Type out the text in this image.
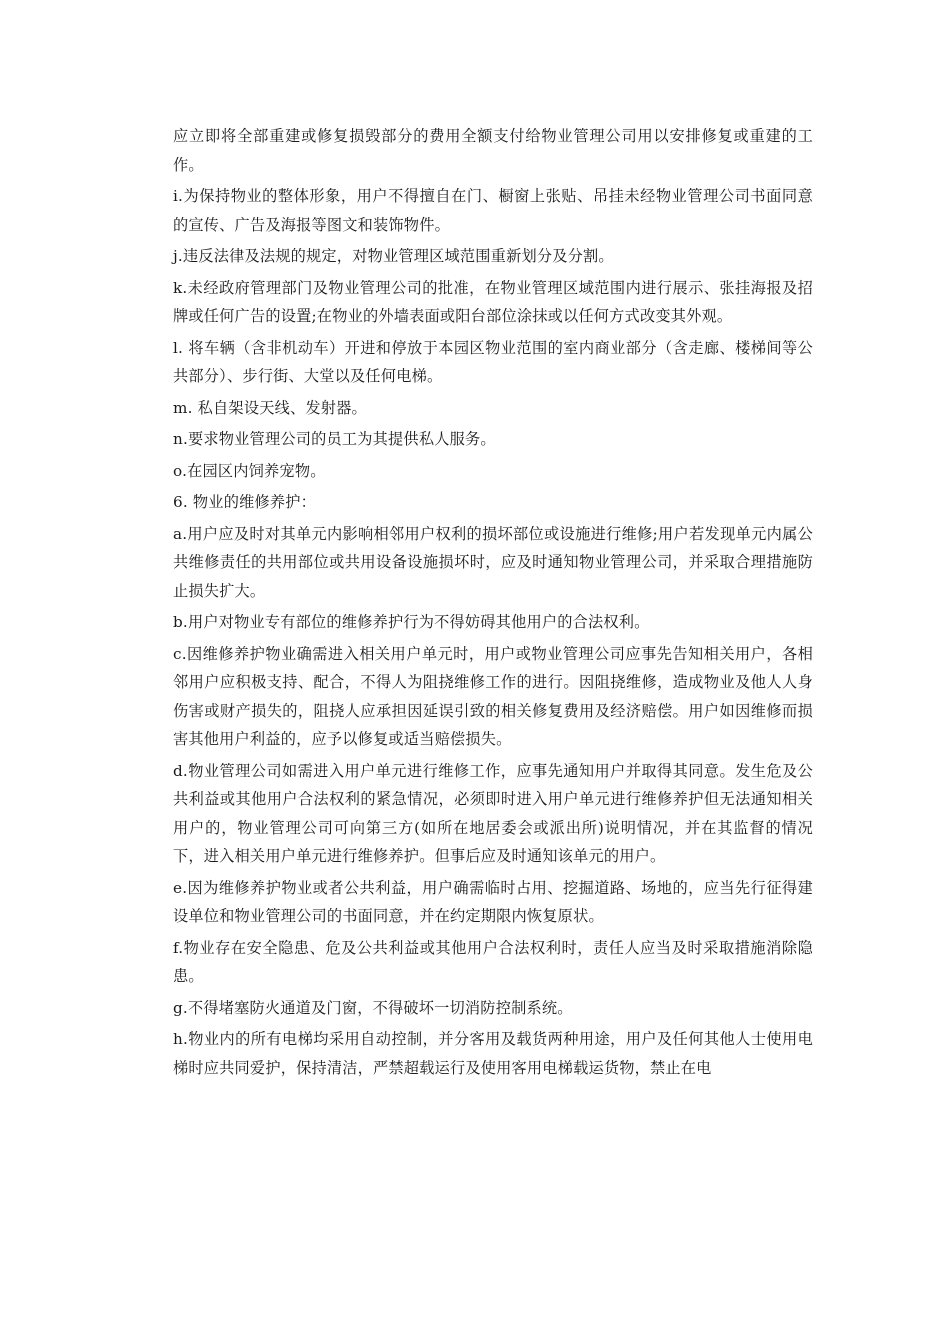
应立即将全部重建或修复损毁部分的费用全额支付给物业管理公司用以安排修复或重建的工作。

i.为保持物业的整体形象，用户不得擅自在门、橱窗上张贴、吊挂未经物业管理公司书面同意的宣传、广告及海报等图文和装饰物件。

j.违反法律及法规的规定，对物业管理区域范围重新划分及分割。

k.未经政府管理部门及物业管理公司的批准，在物业管理区域范围内进行展示、张挂海报及招牌或任何广告的设置;在物业的外墙表面或阳台部位涂抹或以任何方式改变其外观。

l. 将车辆（含非机动车）开进和停放于本园区物业范围的室内商业部分（含走廊、楼梯间等公共部分）、步行街、大堂以及任何电梯。

m. 私自架设天线、发射器。

n.要求物业管理公司的员工为其提供私人服务。

o.在园区内饲养宠物。

6. 物业的维修养护：

a.用户应及时对其单元内影响相邻用户权利的损坏部位或设施进行维修;用户若发现单元内属公共维修责任的共用部位或共用设备设施损坏时，应及时通知物业管理公司，并采取合理措施防止损失扩大。

b.用户对物业专有部位的维修养护行为不得妨碍其他用户的合法权利。

c.因维修养护物业确需进入相关用户单元时，用户或物业管理公司应事先告知相关用户，各相邻用户应积极支持、配合，不得人为阻挠维修工作的进行。因阻挠维修，造成物业及他人人身伤害或财产损失的，阻挠人应承担因延误引致的相关修复费用及经济赔偿。用户如因维修而损害其他用户利益的，应予以修复或适当赔偿损失。

d.物业管理公司如需进入用户单元进行维修工作，应事先通知用户并取得其同意。发生危及公共利益或其他用户合法权利的紧急情况，必须即时进入用户单元进行维修养护但无法通知相关用户的，物业管理公司可向第三方(如所在地居委会或派出所)说明情况，并在其监督的情况下，进入相关用户单元进行维修养护。但事后应及时通知该单元的用户。

e.因为维修养护物业或者公共利益，用户确需临时占用、挖掘道路、场地的，应当先行征得建设单位和物业管理公司的书面同意，并在约定期限内恢复原状。

f.物业存在安全隐患、危及公共利益或其他用户合法权利时，责任人应当及时采取措施消除隐患。

g.不得堵塞防火通道及门窗，不得破坏一切消防控制系统。

h.物业内的所有电梯均采用自动控制，并分客用及载货两种用途，用户及任何其他人士使用电梯时应共同爱护，保持清洁，严禁超载运行及使用客用电梯载运货物，禁止在电
